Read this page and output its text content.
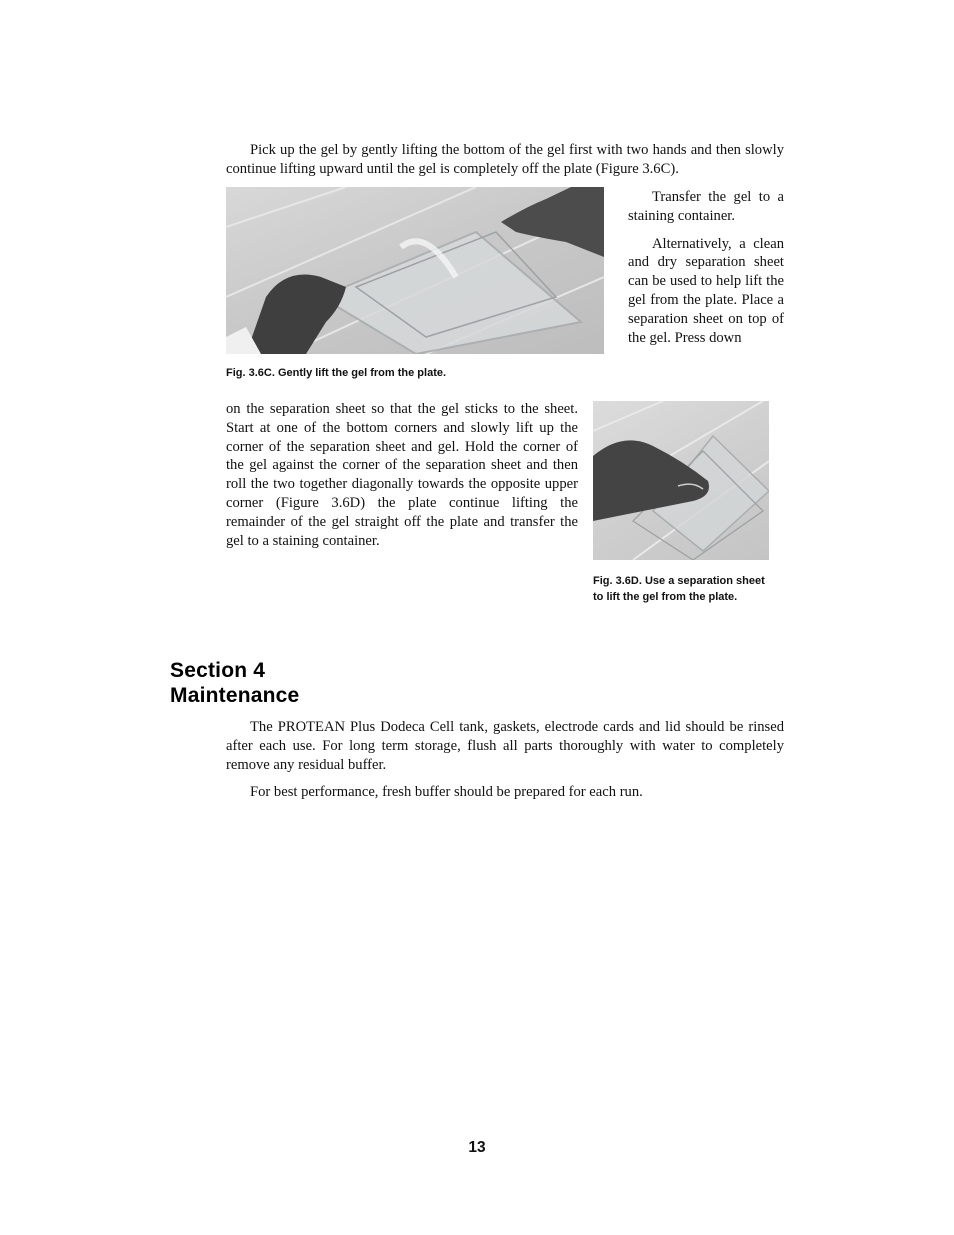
Pick up the gel by gently lifting the bottom of the gel first with two hands and then slowly continue lifting upward until the gel is completely off the plate (Figure 3.6C).

Transfer the gel to a staining container.

Alternatively, a clean and dry separation sheet can be used to help lift the gel from the plate. Place a separation sheet on top of the gel. Press down

Fig. 3.6C. Gently lift the gel from the plate.

on the separation sheet so that the gel sticks to the sheet. Start at one of the bottom corners and slowly lift up the corner of the separation sheet and gel. Hold the corner of the gel against the corner of the separation sheet and then roll the two together diagonally towards the opposite upper corner (Figure 3.6D) the plate continue lifting the remainder of the gel straight off the plate and transfer the gel to a staining container.

Fig. 3.6D. Use a separation sheet to lift the gel from the plate.
Section 4
Maintenance

The PROTEAN Plus Dodeca Cell tank, gaskets, electrode cards and lid should be rinsed after each use. For long term storage, flush all parts thoroughly with water to completely remove any residual buffer.

For best performance, fresh buffer should be prepared for each run.

13
